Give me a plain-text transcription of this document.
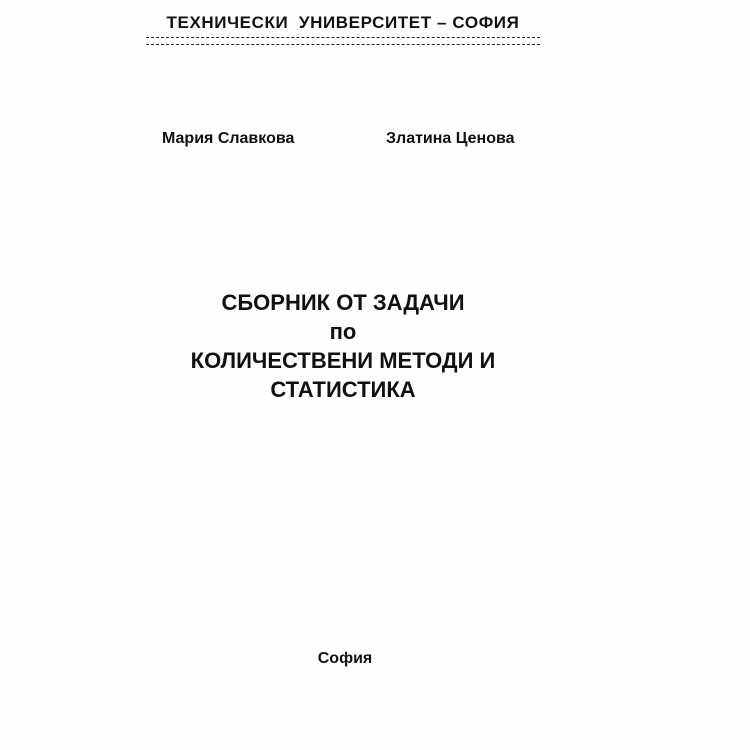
ТЕХНИЧЕСКИ  УНИВЕРСИТЕТ – СОФИЯ
Мария Славкова	Златина Ценова
СБОРНИК ОТ ЗАДАЧИ
по
КОЛИЧЕСТВЕНИ МЕТОДИ И
СТАТИСТИКА
София
